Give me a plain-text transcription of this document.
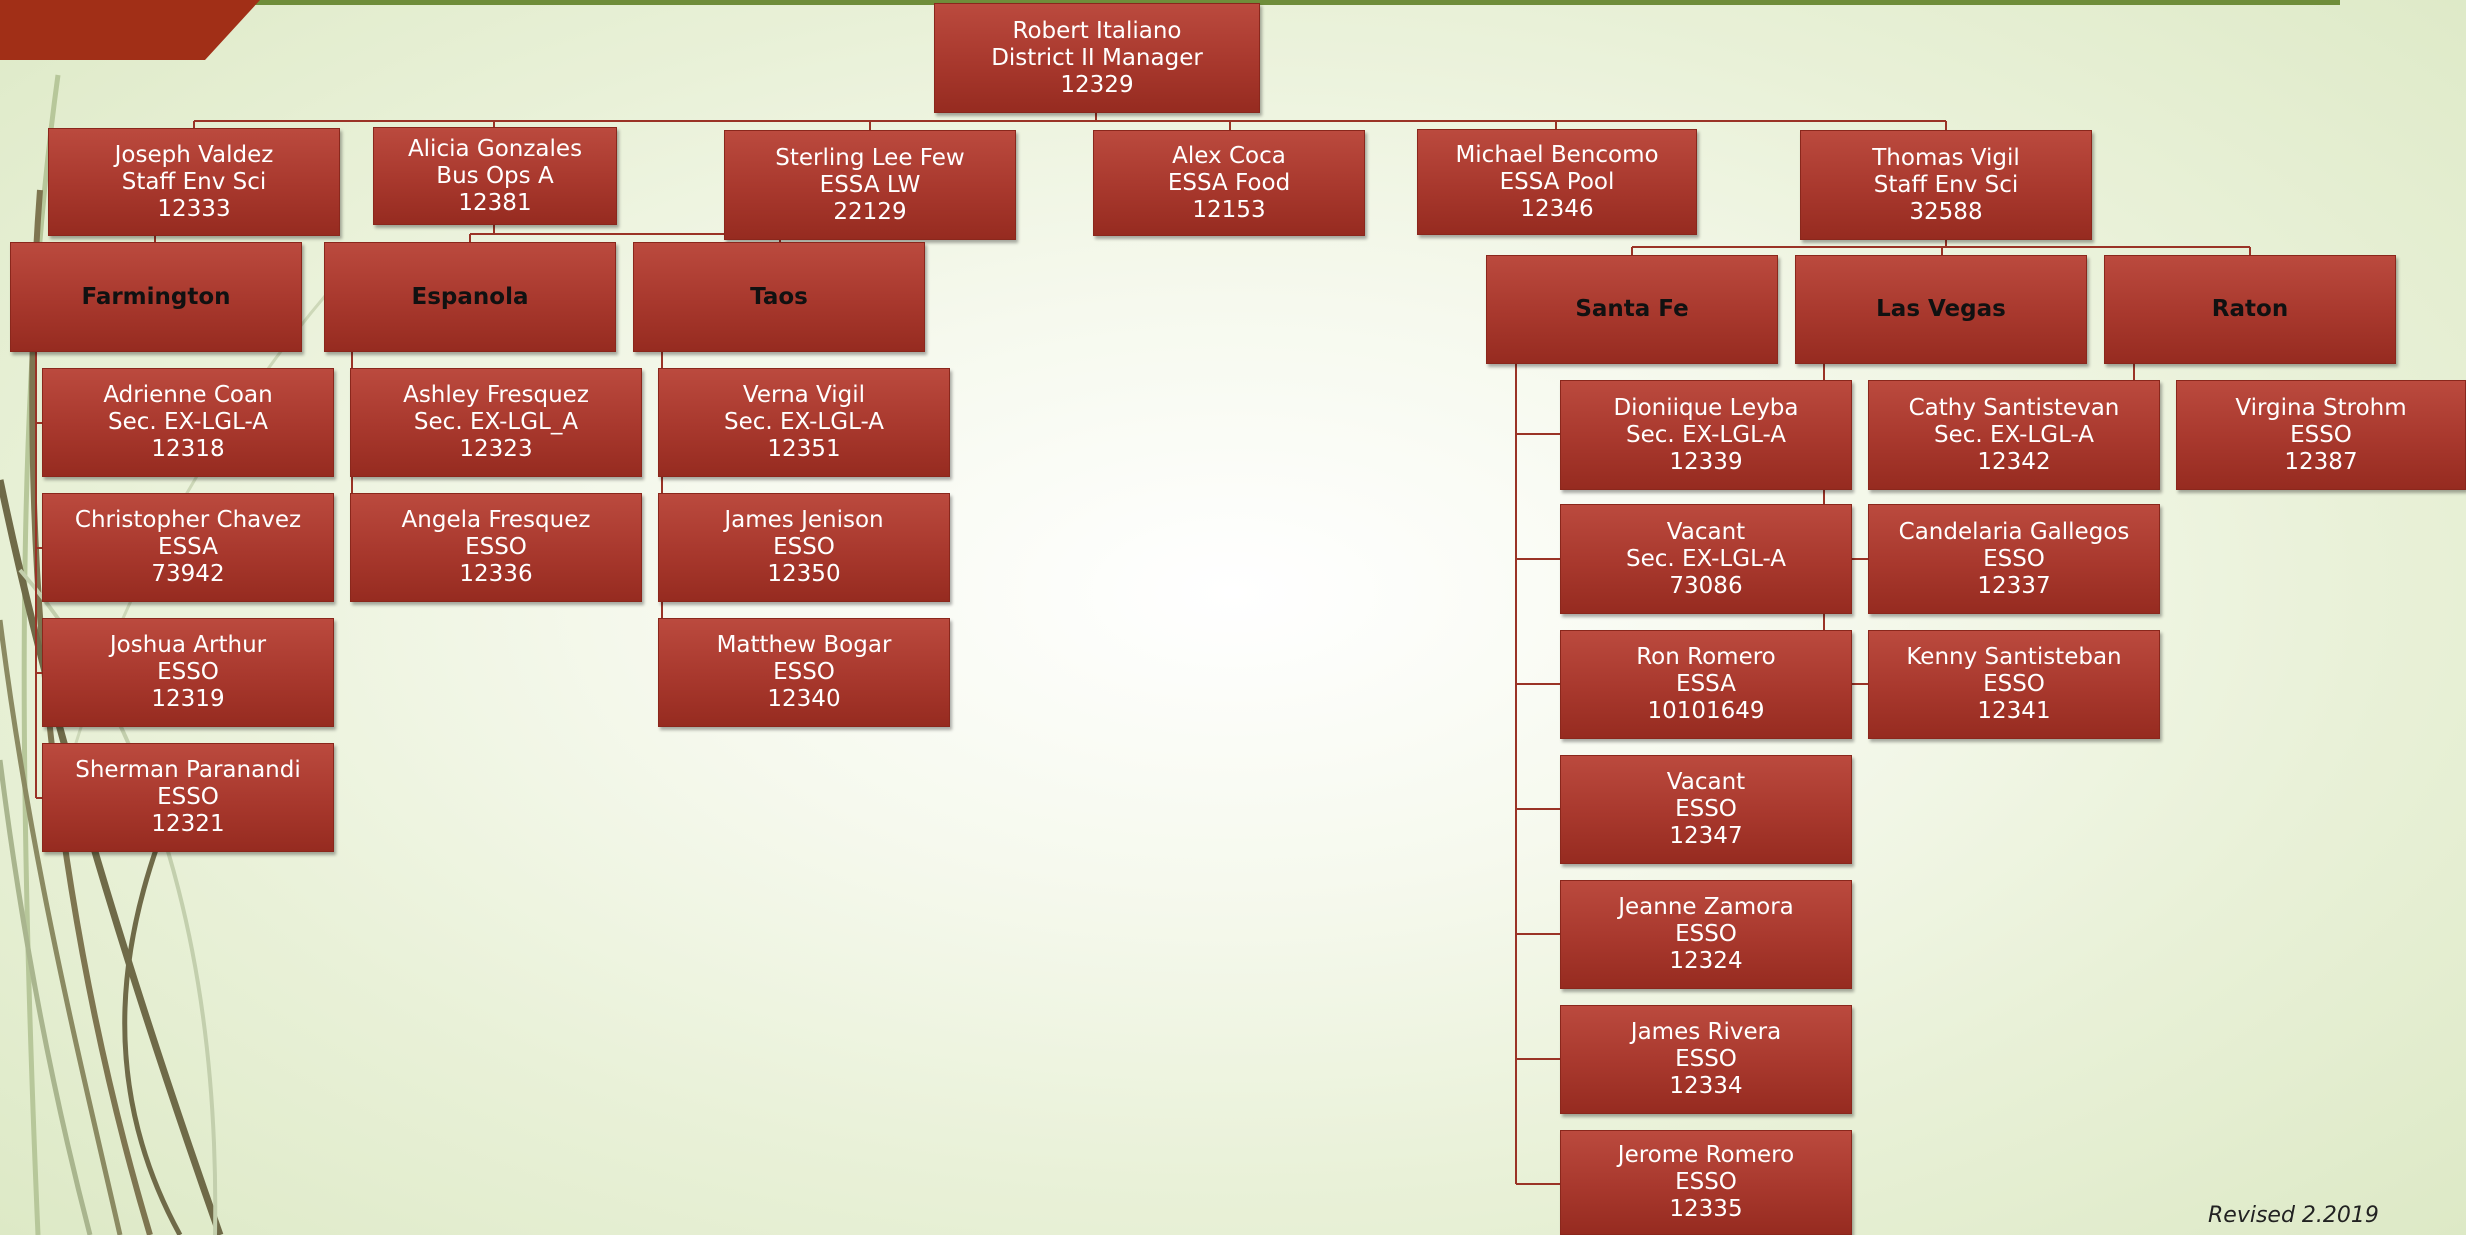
Robert Italiano
District II Manager
12329
Joseph Valdez
Staff Env Sci
12333
Alicia Gonzales
Bus Ops A
12381
Sterling Lee Few
ESSA LW
22129
Alex Coca
ESSA Food
12153
Michael Bencomo
ESSA Pool
12346
Thomas Vigil
Staff Env Sci
32588
Farmington	Espanola	Taos	Santa Fe	Las Vegas	Raton
Adrienne Coan
Sec. EX-LGL-A
12318
Christopher Chavez
ESSA
73942
Joshua Arthur
ESSO
12319
Sherman Paranandi
ESSO
12321
Ashley Fresquez
Sec. EX-LGL_A
12323
Angela Fresquez
ESSO
12336
Verna Vigil
Sec. EX-LGL-A
12351
James Jenison
ESSO
12350
Matthew Bogar
ESSO
12340
Dioniique Leyba
Sec. EX-LGL-A
12339
Vacant
Sec. EX-LGL-A
73086
Ron Romero
ESSA
10101649
Vacant
ESSO
12347
Jeanne Zamora
ESSO
12324
James Rivera
ESSO
12334
Jerome Romero
ESSO
12335
Cathy Santistevan
Sec. EX-LGL-A
12342
Candelaria Gallegos
ESSO
12337
Kenny Santisteban
ESSO
12341
Virgina Strohm
ESSO
12387
Revised 2.2019
